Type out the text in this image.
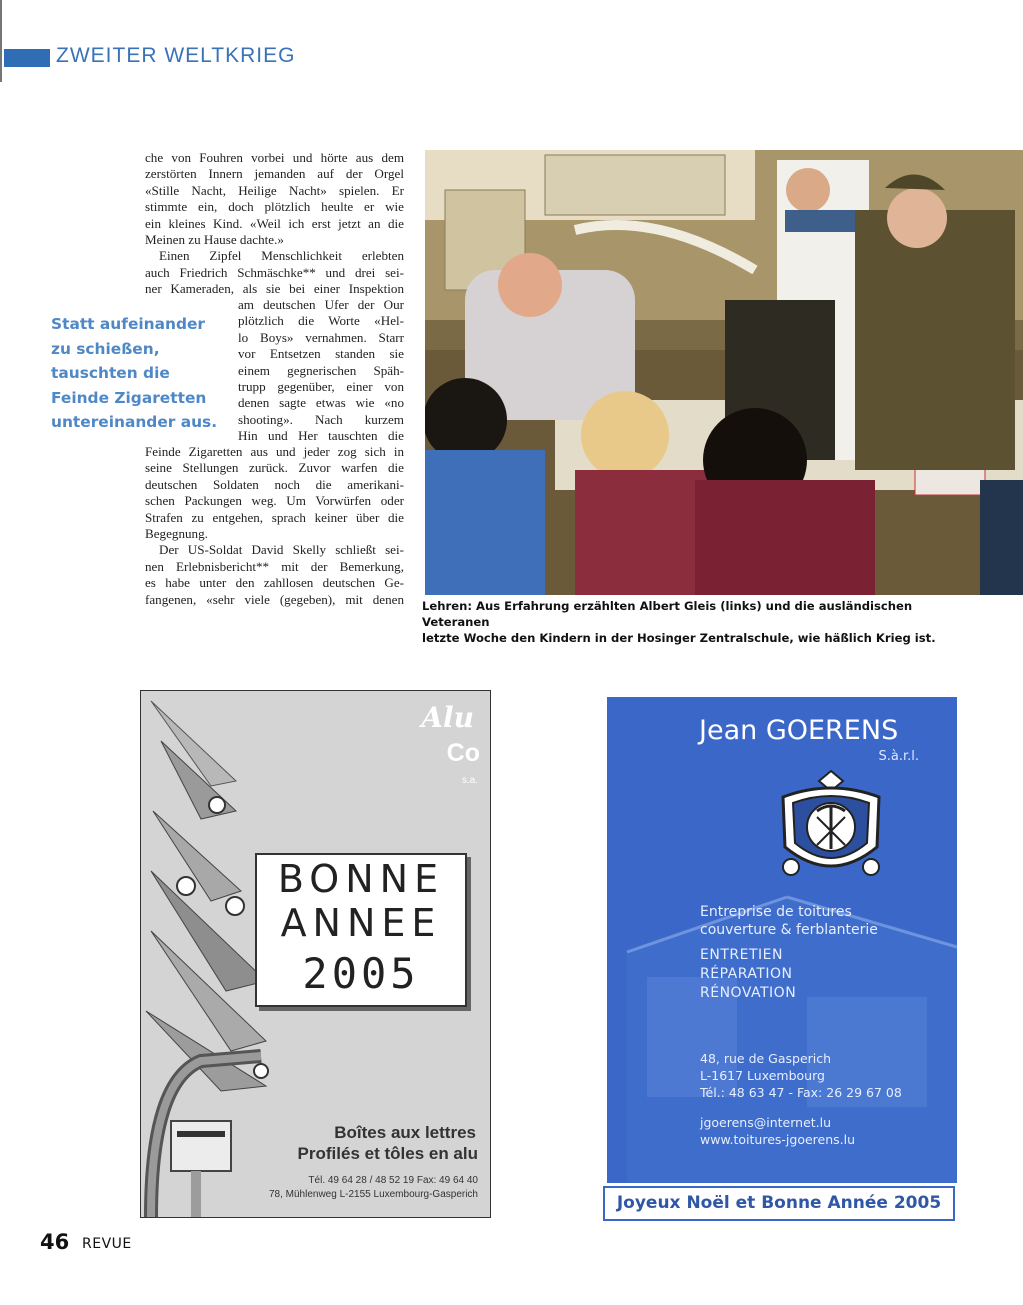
ZWEITER WELTKRIEG
che von Fouhren vorbei und hörte aus dem
zerstörten Innern jemanden auf der Orgel
«Stille Nacht, Heilige Nacht» spielen. Er
stimmte ein, doch plötzlich heulte er wie
ein kleines Kind. «Weil ich erst jetzt an die
Meinen zu Hause dachte.»
Einen Zipfel Menschlichkeit erlebten
auch Friedrich Schmäschke** und drei sei-
ner Kameraden, als sie bei einer Inspektion
am deutschen Ufer der Our
plötzlich die Worte «Hel-
lo Boys» vernahmen. Starr
vor Entsetzen standen sie
einem gegnerischen Späh-
trupp gegenüber, einer von
denen sagte etwas wie «no
shooting». Nach kurzem
Hin und Her tauschten die
Feinde Zigaretten aus und jeder zog sich in
seine Stellungen zurück. Zuvor warfen die
deutschen Soldaten noch die amerikani-
schen Packungen weg. Um Vorwürfen oder
Strafen zu entgehen, sprach keiner über die
Begegnung.
Der US-Soldat David Skelly schließt sei-
nen Erlebnisbericht** mit der Bemerkung,
es habe unter den zahllosen deutschen Ge-
fangenen, «sehr viele (gegeben), mit denen
Statt aufeinander
zu schießen,
tauschten die
Feinde Zigaretten
untereinander aus.
Lehren: Aus Erfahrung erzählten Albert Gleis (links) und die ausländischen Veteranen
letzte Woche den Kindern in der Hosinger Zentralschule, wie häßlich Krieg ist.
Alu
Co
s.a.
BONNE
ANNEE
2005
Boîtes aux lettres
Profilés et tôles en alu
Tél. 49 64 28 / 48 52 19 Fax: 49 64 40
78, Mühlenweg L-2155 Luxembourg-Gasperich
Jean GOERENS
S.à.r.l.
Entreprise de toitures
couverture & ferblanterie
ENTRETIEN
RÉPARATION
RÉNOVATION
48, rue de Gasperich
L-1617 Luxembourg
Tél.: 48 63 47 - Fax: 26 29 67 08
jgoerens@internet.lu
www.toitures-jgoerens.lu
Joyeux Noël et Bonne Année 2005
46 REVUE
